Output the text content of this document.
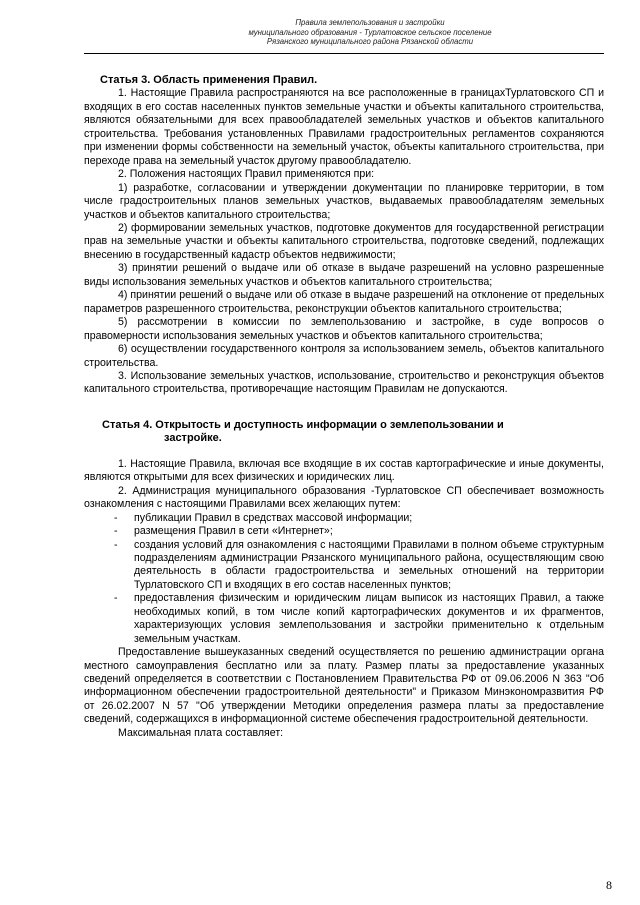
Правила землепользования и застройки
муниципального образования - Турлатовское сельское поселение
Рязанского муниципального района Рязанской области

Статья 3. Область применения Правил.

1. Настоящие Правила распространяются на все расположенные в границахТурлатовского СП и входящих в его состав населенных пунктов земельные участки и объекты капитального строительства, являются обязательными для всех правообладателей земельных участков и объектов капитального строительства. Требования установленных Правилами градостроительных регламентов сохраняются при изменении формы собственности на земельный участок, объекты капитального строительства, при переходе права на земельный участок другому правообладателю.

2. Положения настоящих Правил применяются при:

1) разработке, согласовании и утверждении документации по планировке территории, в том числе градостроительных планов земельных участков, выдаваемых правообладателям земельных участков и объектов капитального строительства;

2) формировании земельных участков, подготовке документов для государственной регистрации прав на земельные участки и объекты капитального строительства, подготовке сведений, подлежащих внесению в государственный кадастр объектов недвижимости;

3) принятии решений о выдаче или об отказе в выдаче разрешений на условно разрешенные виды использования земельных участков и объектов капитального строительства;

4) принятии решений о выдаче или об отказе в выдаче разрешений на отклонение от предельных параметров разрешенного строительства, реконструкции объектов капитального строительства;

5) рассмотрении в комиссии по землепользованию и застройке, в суде вопросов о правомерности использования земельных участков и объектов капитального строительства;

6) осуществлении государственного контроля за использованием земель, объектов капитального строительства.

3. Использование земельных участков, использование, строительство и реконструкция объектов капитального строительства, противоречащие настоящим Правилам не допускаются.

Статья 4. Открытость и доступность информации о землепользовании и
застройке.

1. Настоящие Правила, включая все входящие в их состав картографические и иные документы, являются открытыми для всех физических и юридических лиц.

2. Администрация муниципального образования -Турлатовское СП обеспечивает возможность ознакомления с настоящими Правилами всех желающих путем:

- публикации Правил в средствах массовой информации;
- размещения Правил в сети «Интернет»;
- создания условий для ознакомления с настоящими Правилами в полном объеме структурным подразделениям администрации Рязанского муниципального района, осуществляющим свою деятельность в области градостроительства и земельных отношений на территории Турлатовского СП и входящих в его состав населенных пунктов;
- предоставления физическим и юридическим лицам выписок из настоящих Правил, а также необходимых копий, в том числе копий картографических документов и их фрагментов, характеризующих условия землепользования и застройки применительно к отдельным земельным участкам.

Предоставление вышеуказанных сведений осуществляется по решению администрации органа местного самоуправления бесплатно или за плату. Размер платы за предоставление указанных сведений определяется в соответствии с Постановлением Правительства РФ от 09.06.2006 N 363 "Об информационном обеспечении градостроительной деятельности" и Приказом Минэкономразвития РФ от 26.02.2007 N 57 "Об утверждении Методики определения размера платы за предоставление сведений, содержащихся в информационной системе обеспечения градостроительной деятельности.

Максимальная плата составляет:

8
